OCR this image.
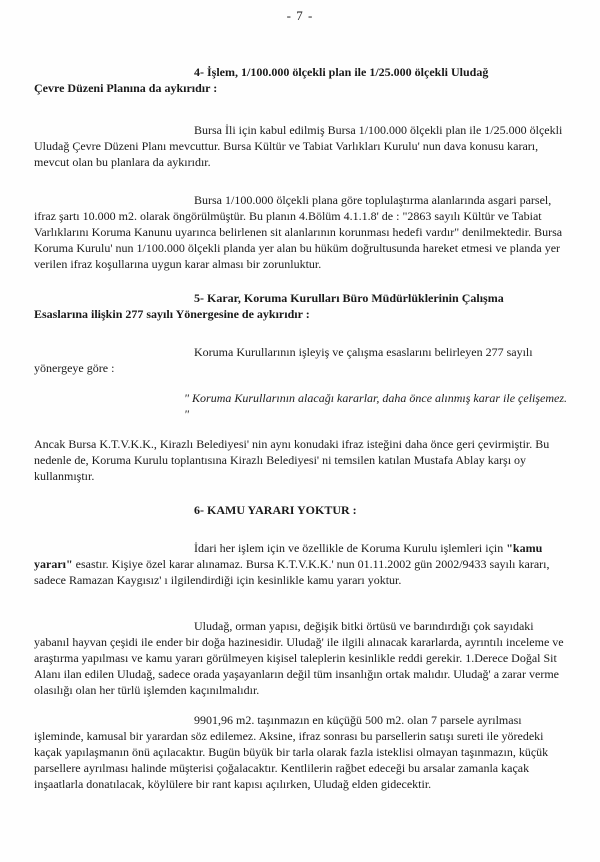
- 7 -

4- İşlem, 1/100.000 ölçekli plan ile 1/25.000 ölçekli Uludağ

Çevre Düzeni Planına da aykırıdır :

Bursa İli için kabul edilmiş Bursa 1/100.000 ölçekli plan ile 1/25.000 ölçekli Uludağ Çevre Düzeni Planı mevcuttur. Bursa Kültür ve Tabiat Varlıkları Kurulu' nun dava konusu kararı, mevcut olan bu planlara da aykırıdır.

Bursa 1/100.000 ölçekli plana göre toplulaştırma alanlarında asgari parsel, ifraz şartı 10.000 m2. olarak öngörülmüştür. Bu planın 4.Bölüm 4.1.1.8' de : "2863 sayılı Kültür ve Tabiat Varlıklarını Koruma Kanunu uyarınca belirlenen sit alanlarının korunması hedefi vardır" denilmektedir. Bursa Koruma Kurulu' nun 1/100.000 ölçekli planda yer alan bu hüküm doğrultusunda hareket etmesi ve planda yer verilen ifraz koşullarına uygun karar alması bir zorunluktur.

5- Karar, Koruma Kurulları Büro Müdürlüklerinin Çalışma

Esaslarına ilişkin 277 sayılı Yönergesine de aykırıdır :

Koruma Kurullarının işleyiş ve çalışma esaslarını belirleyen 277 sayılı yönergeye göre :

" Koruma Kurullarının alacağı kararlar, daha önce alınmış karar ile çelişemez. "

Ancak Bursa K.T.V.K.K., Kirazlı Belediyesi' nin aynı konudaki ifraz isteğini daha önce geri çevirmiştir. Bu nedenle de, Koruma Kurulu toplantısına Kirazlı Belediyesi' ni temsilen katılan Mustafa Ablay karşı oy kullanmıştır.

6- KAMU YARARI YOKTUR :

İdari her işlem için ve özellikle de Koruma Kurulu işlemleri için "kamu yararı" esastır. Kişiye özel karar alınamaz. Bursa K.T.V.K.K.' nun 01.11.2002 gün 2002/9433 sayılı kararı, sadece Ramazan Kaygısız' ı ilgilendirdiği için kesinlikle kamu yararı yoktur.

Uludağ, orman yapısı, değişik bitki örtüsü ve barındırdığı çok sayıdaki yabanıl hayvan çeşidi ile ender bir doğa hazinesidir. Uludağ' ile ilgili alınacak kararlarda, ayrıntılı inceleme ve araştırma yapılması ve kamu yararı görülmeyen kişisel taleplerin kesinlikle reddi gerekir. 1.Derece Doğal Sit Alanı ilan edilen Uludağ, sadece orada yaşayanların değil tüm insanlığın ortak malıdır. Uludağ' a zarar verme olasılığı olan her türlü işlemden kaçınılmalıdır.

9901,96 m2. taşınmazın en küçüğü 500 m2. olan 7 parsele ayrılması işleminde, kamusal bir yarardan söz edilemez. Aksine, ifraz sonrası bu parsellerin satışı sureti ile yöredeki kaçak yapılaşmanın önü açılacaktır. Bugün büyük bir tarla olarak fazla isteklisi olmayan taşınmazın, küçük parsellere ayrılması halinde müşterisi çoğalacaktır. Kentlilerin rağbet edeceği bu arsalar zamanla kaçak inşaatlarla donatılacak, köylülere bir rant kapısı açılırken, Uludağ elden gidecektir.
